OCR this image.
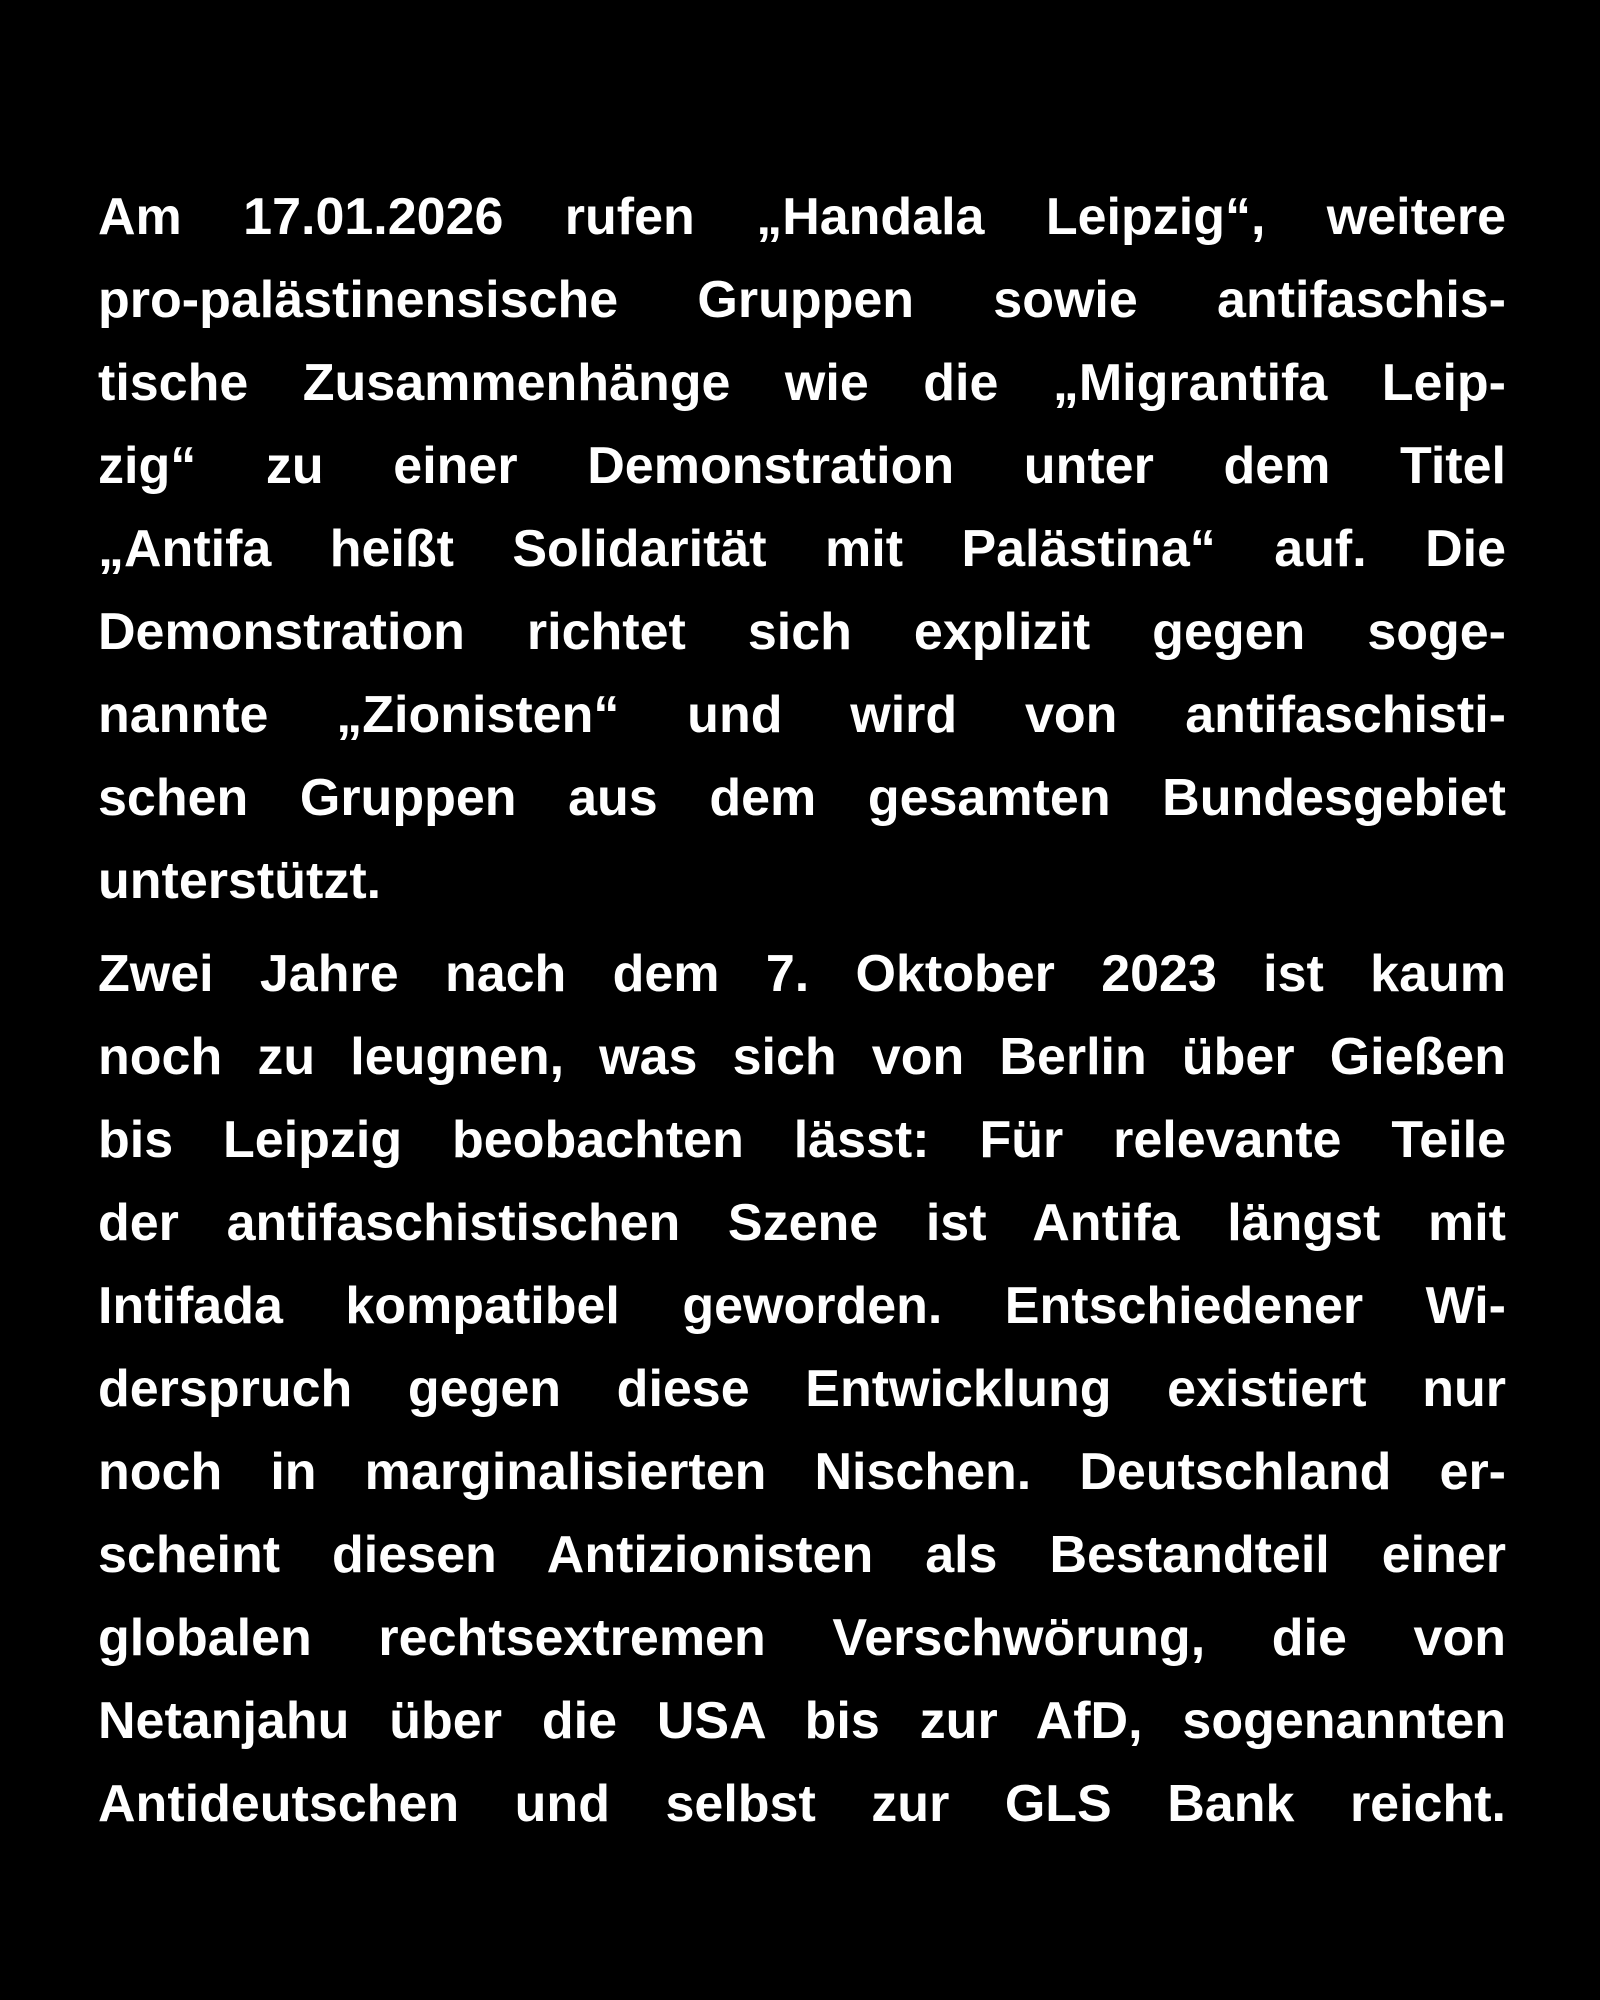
Am 17.01.2026 rufen „Handala Leipzig“, weitere
pro-palästinensische Gruppen sowie antifaschis-
tische Zusammenhänge wie die „Migrantifa Leip-
zig“ zu einer Demonstration unter dem Titel
„Antifa heißt Solidarität mit Palästina“ auf. Die
Demonstration richtet sich explizit gegen soge-
nannte „Zionisten“ und wird von antifaschisti-
schen Gruppen aus dem gesamten Bundesgebiet
unterstützt.
Zwei Jahre nach dem 7. Oktober 2023 ist kaum
noch zu leugnen, was sich von Berlin über Gießen
bis Leipzig beobachten lässt: Für relevante Teile
der antifaschistischen Szene ist Antifa längst mit
Intifada kompatibel geworden. Entschiedener Wi-
derspruch gegen diese Entwicklung existiert nur
noch in marginalisierten Nischen. Deutschland er-
scheint diesen Antizionisten als Bestandteil einer
globalen rechtsextremen Verschwörung, die von
Netanjahu über die USA bis zur AfD, sogenannten
Antideutschen und selbst zur GLS Bank reicht.
